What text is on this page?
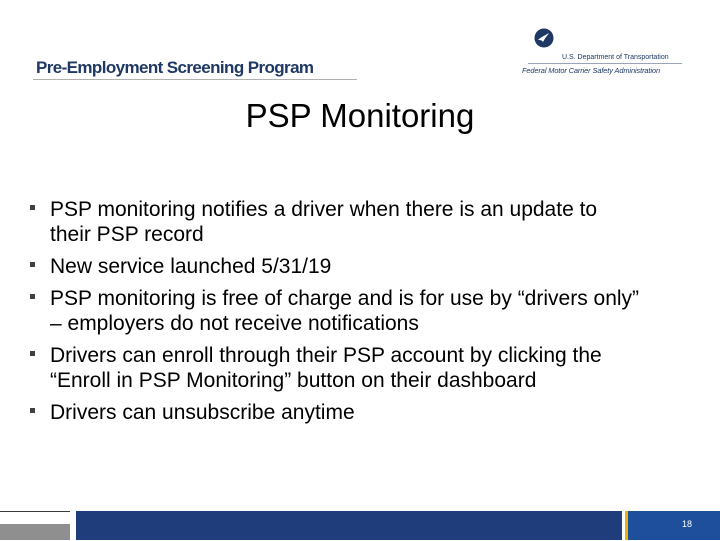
Pre-Employment Screening Program
U.S. Department of Transportation
Federal Motor Carrier Safety Administration
PSP Monitoring
PSP monitoring notifies a driver when there is an update to their PSP record
New service launched 5/31/19
PSP monitoring is free of charge and is for use by “drivers only” – employers do not receive notifications
Drivers can enroll through their PSP account by clicking the “Enroll in PSP Monitoring” button on their dashboard
Drivers can unsubscribe anytime
18
